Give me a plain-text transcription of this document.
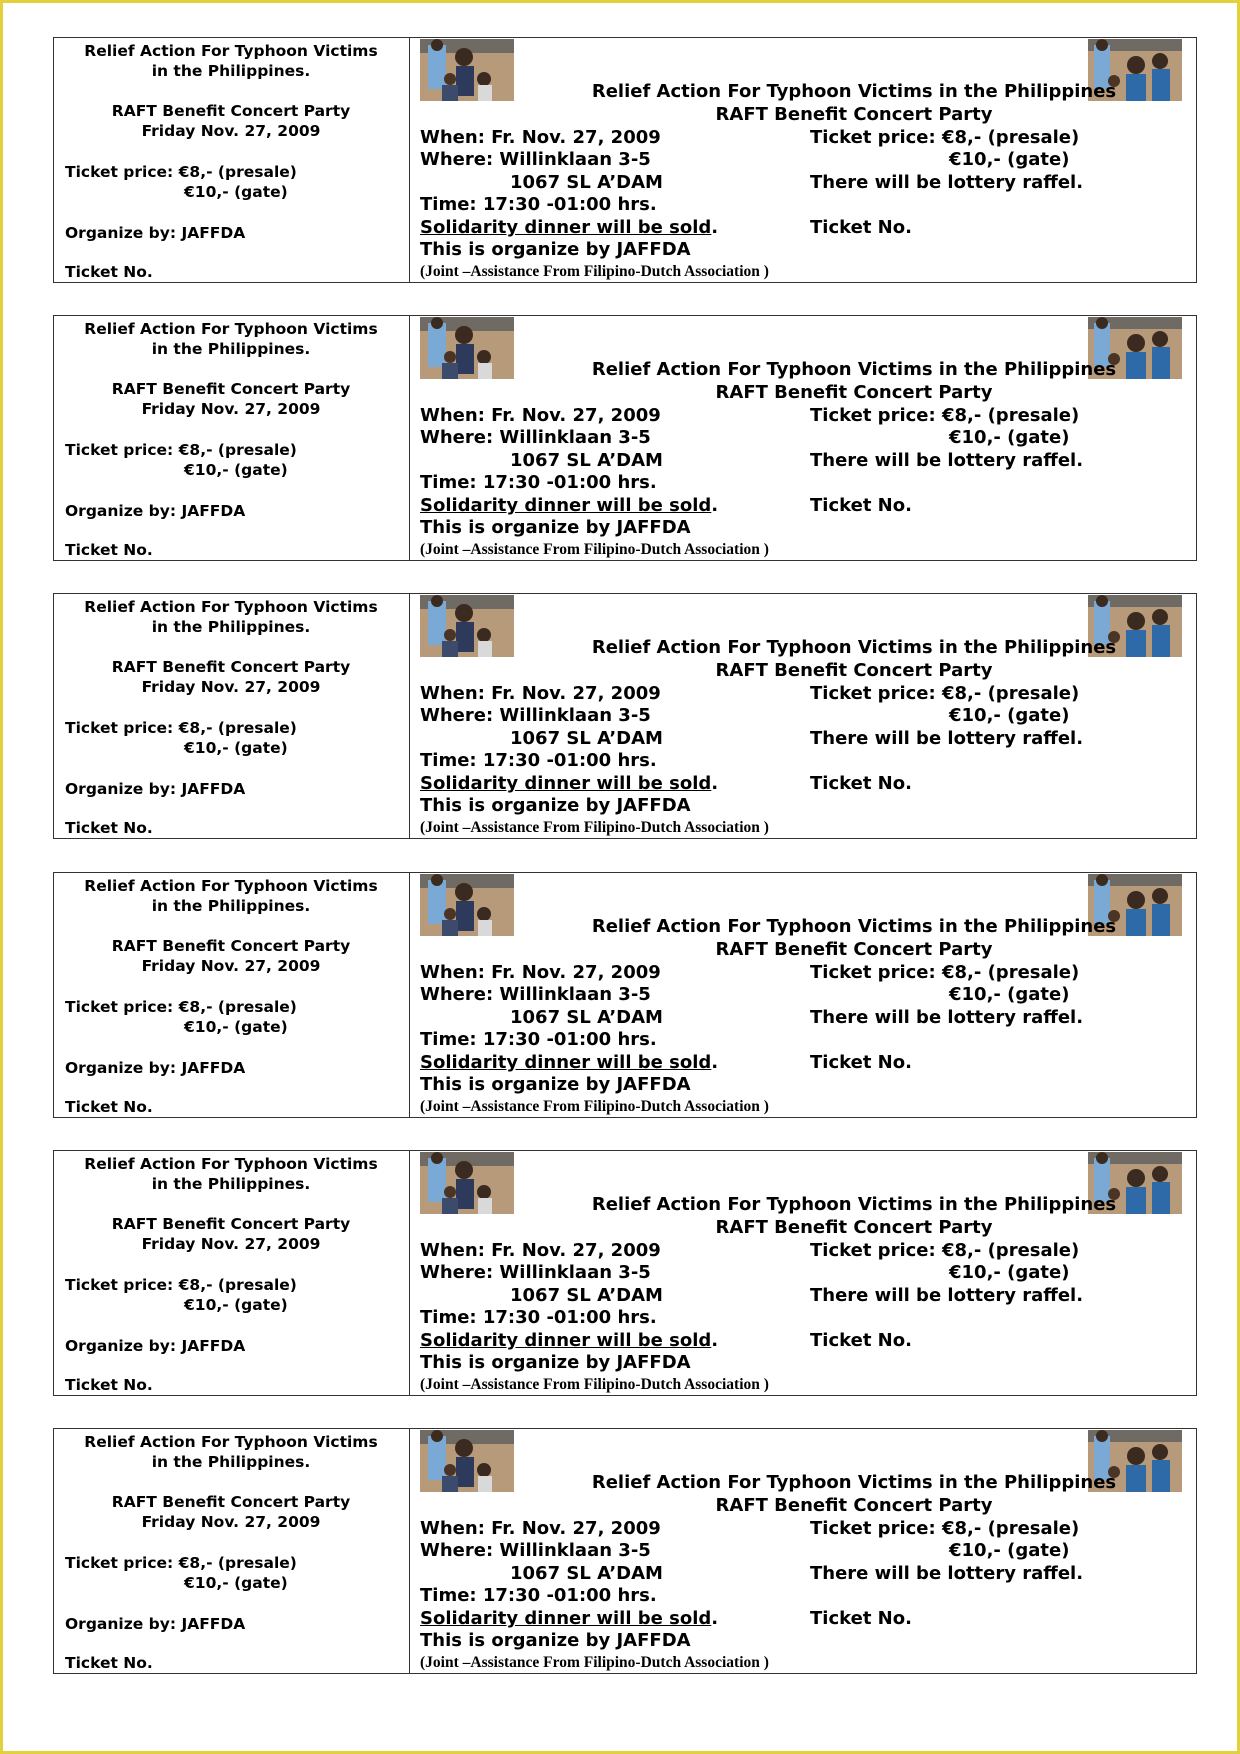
Relief Action For Typhoon Victims
in the Philippines.
RAFT Benefit Concert Party
Friday Nov. 27, 2009
Ticket price: €8,- (presale)
€10,- (gate)
Organize by: JAFFDA
Ticket No.
Relief Action For Typhoon Victims in the Philippines
RAFT Benefit Concert Party
When: Fr. Nov. 27, 2009
Where: Willinklaan 3-5
1067 SL A’DAM
Time: 17:30 -01:00 hrs.
Solidarity dinner will be sold.
This is organize by JAFFDA
(Joint –Assistance From Filipino-Dutch Association )
Ticket price: €8,- (presale)
€10,- (gate)
There will be lottery raffel.
Ticket No.
Relief Action For Typhoon Victims
in the Philippines.
RAFT Benefit Concert Party
Friday Nov. 27, 2009
Ticket price: €8,- (presale)
€10,- (gate)
Organize by: JAFFDA
Ticket No.
Relief Action For Typhoon Victims in the Philippines
RAFT Benefit Concert Party
When: Fr. Nov. 27, 2009
Where: Willinklaan 3-5
1067 SL A’DAM
Time: 17:30 -01:00 hrs.
Solidarity dinner will be sold.
This is organize by JAFFDA
(Joint –Assistance From Filipino-Dutch Association )
Ticket price: €8,- (presale)
€10,- (gate)
There will be lottery raffel.
Ticket No.
Relief Action For Typhoon Victims
in the Philippines.
RAFT Benefit Concert Party
Friday Nov. 27, 2009
Ticket price: €8,- (presale)
€10,- (gate)
Organize by: JAFFDA
Ticket No.
Relief Action For Typhoon Victims in the Philippines
RAFT Benefit Concert Party
When: Fr. Nov. 27, 2009
Where: Willinklaan 3-5
1067 SL A’DAM
Time: 17:30 -01:00 hrs.
Solidarity dinner will be sold.
This is organize by JAFFDA
(Joint –Assistance From Filipino-Dutch Association )
Ticket price: €8,- (presale)
€10,- (gate)
There will be lottery raffel.
Ticket No.
Relief Action For Typhoon Victims
in the Philippines.
RAFT Benefit Concert Party
Friday Nov. 27, 2009
Ticket price: €8,- (presale)
€10,- (gate)
Organize by: JAFFDA
Ticket No.
Relief Action For Typhoon Victims in the Philippines
RAFT Benefit Concert Party
When: Fr. Nov. 27, 2009
Where: Willinklaan 3-5
1067 SL A’DAM
Time: 17:30 -01:00 hrs.
Solidarity dinner will be sold.
This is organize by JAFFDA
(Joint –Assistance From Filipino-Dutch Association )
Ticket price: €8,- (presale)
€10,- (gate)
There will be lottery raffel.
Ticket No.
Relief Action For Typhoon Victims
in the Philippines.
RAFT Benefit Concert Party
Friday Nov. 27, 2009
Ticket price: €8,- (presale)
€10,- (gate)
Organize by: JAFFDA
Ticket No.
Relief Action For Typhoon Victims in the Philippines
RAFT Benefit Concert Party
When: Fr. Nov. 27, 2009
Where: Willinklaan 3-5
1067 SL A’DAM
Time: 17:30 -01:00 hrs.
Solidarity dinner will be sold.
This is organize by JAFFDA
(Joint –Assistance From Filipino-Dutch Association )
Ticket price: €8,- (presale)
€10,- (gate)
There will be lottery raffel.
Ticket No.
Relief Action For Typhoon Victims
in the Philippines.
RAFT Benefit Concert Party
Friday Nov. 27, 2009
Ticket price: €8,- (presale)
€10,- (gate)
Organize by: JAFFDA
Ticket No.
Relief Action For Typhoon Victims in the Philippines
RAFT Benefit Concert Party
When: Fr. Nov. 27, 2009
Where: Willinklaan 3-5
1067 SL A’DAM
Time: 17:30 -01:00 hrs.
Solidarity dinner will be sold.
This is organize by JAFFDA
(Joint –Assistance From Filipino-Dutch Association )
Ticket price: €8,- (presale)
€10,- (gate)
There will be lottery raffel.
Ticket No.
